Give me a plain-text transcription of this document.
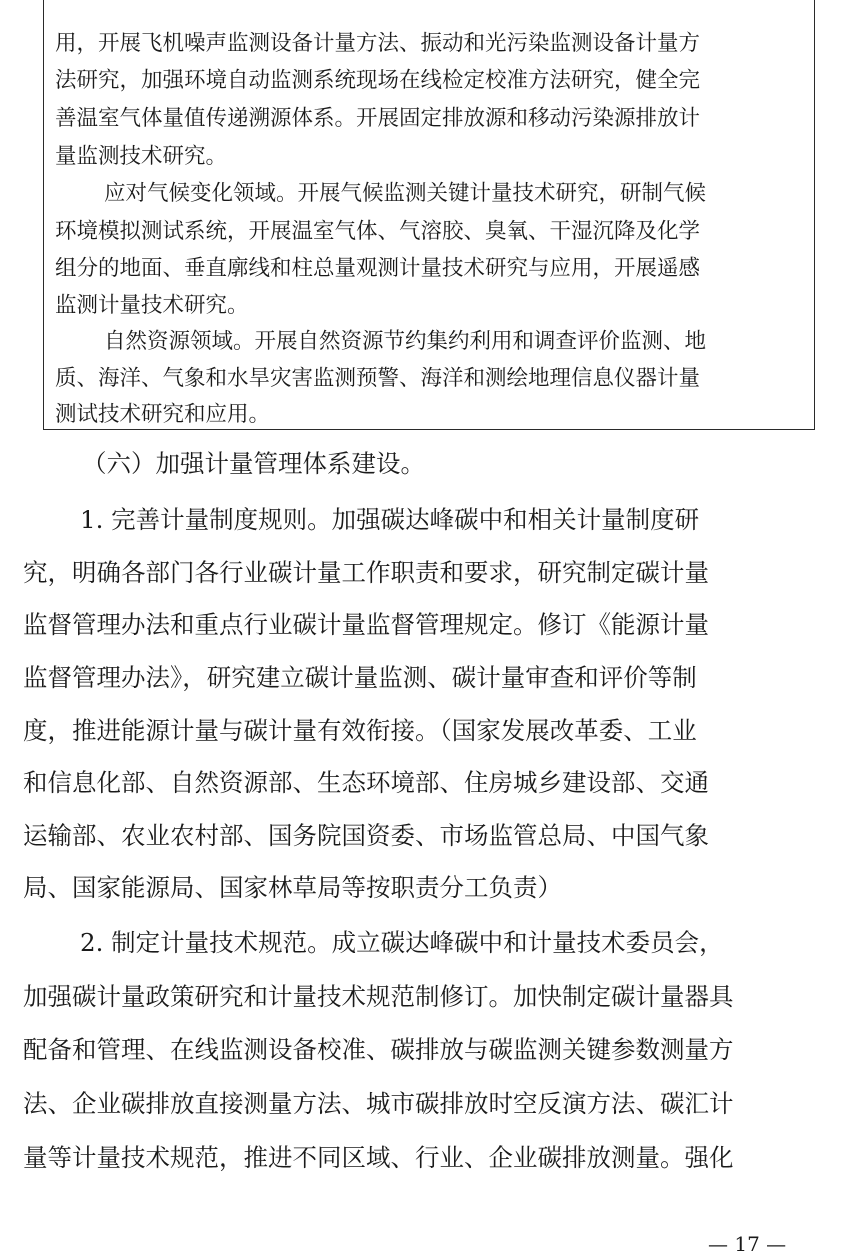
用，开展飞机噪声监测设备计量方法、振动和光污染监测设备计量方
法研究，加强环境自动监测系统现场在线检定校准方法研究，健全完
善温室气体量值传递溯源体系。开展固定排放源和移动污染源排放计
量监测技术研究。
应对气候变化领域。开展气候监测关键计量技术研究，研制气候
环境模拟测试系统，开展温室气体、气溶胶、臭氧、干湿沉降及化学
组分的地面、垂直廓线和柱总量观测计量技术研究与应用，开展遥感
监测计量技术研究。
自然资源领域。开展自然资源节约集约利用和调查评价监测、地
质、海洋、气象和水旱灾害监测预警、海洋和测绘地理信息仪器计量
测试技术研究和应用。
（六）加强计量管理体系建设。
1. 完善计量制度规则。加强碳达峰碳中和相关计量制度研
究，明确各部门各行业碳计量工作职责和要求，研究制定碳计量
监督管理办法和重点行业碳计量监督管理规定。修订《能源计量
监督管理办法》，研究建立碳计量监测、碳计量审查和评价等制
度，推进能源计量与碳计量有效衔接。（国家发展改革委、工业
和信息化部、自然资源部、生态环境部、住房城乡建设部、交通
运输部、农业农村部、国务院国资委、市场监管总局、中国气象
局、国家能源局、国家林草局等按职责分工负责）
2. 制定计量技术规范。成立碳达峰碳中和计量技术委员会，
加强碳计量政策研究和计量技术规范制修订。加快制定碳计量器具
配备和管理、在线监测设备校准、碳排放与碳监测关键参数测量方
法、企业碳排放直接测量方法、城市碳排放时空反演方法、碳汇计
量等计量技术规范，推进不同区域、行业、企业碳排放测量。强化
— 17 —
